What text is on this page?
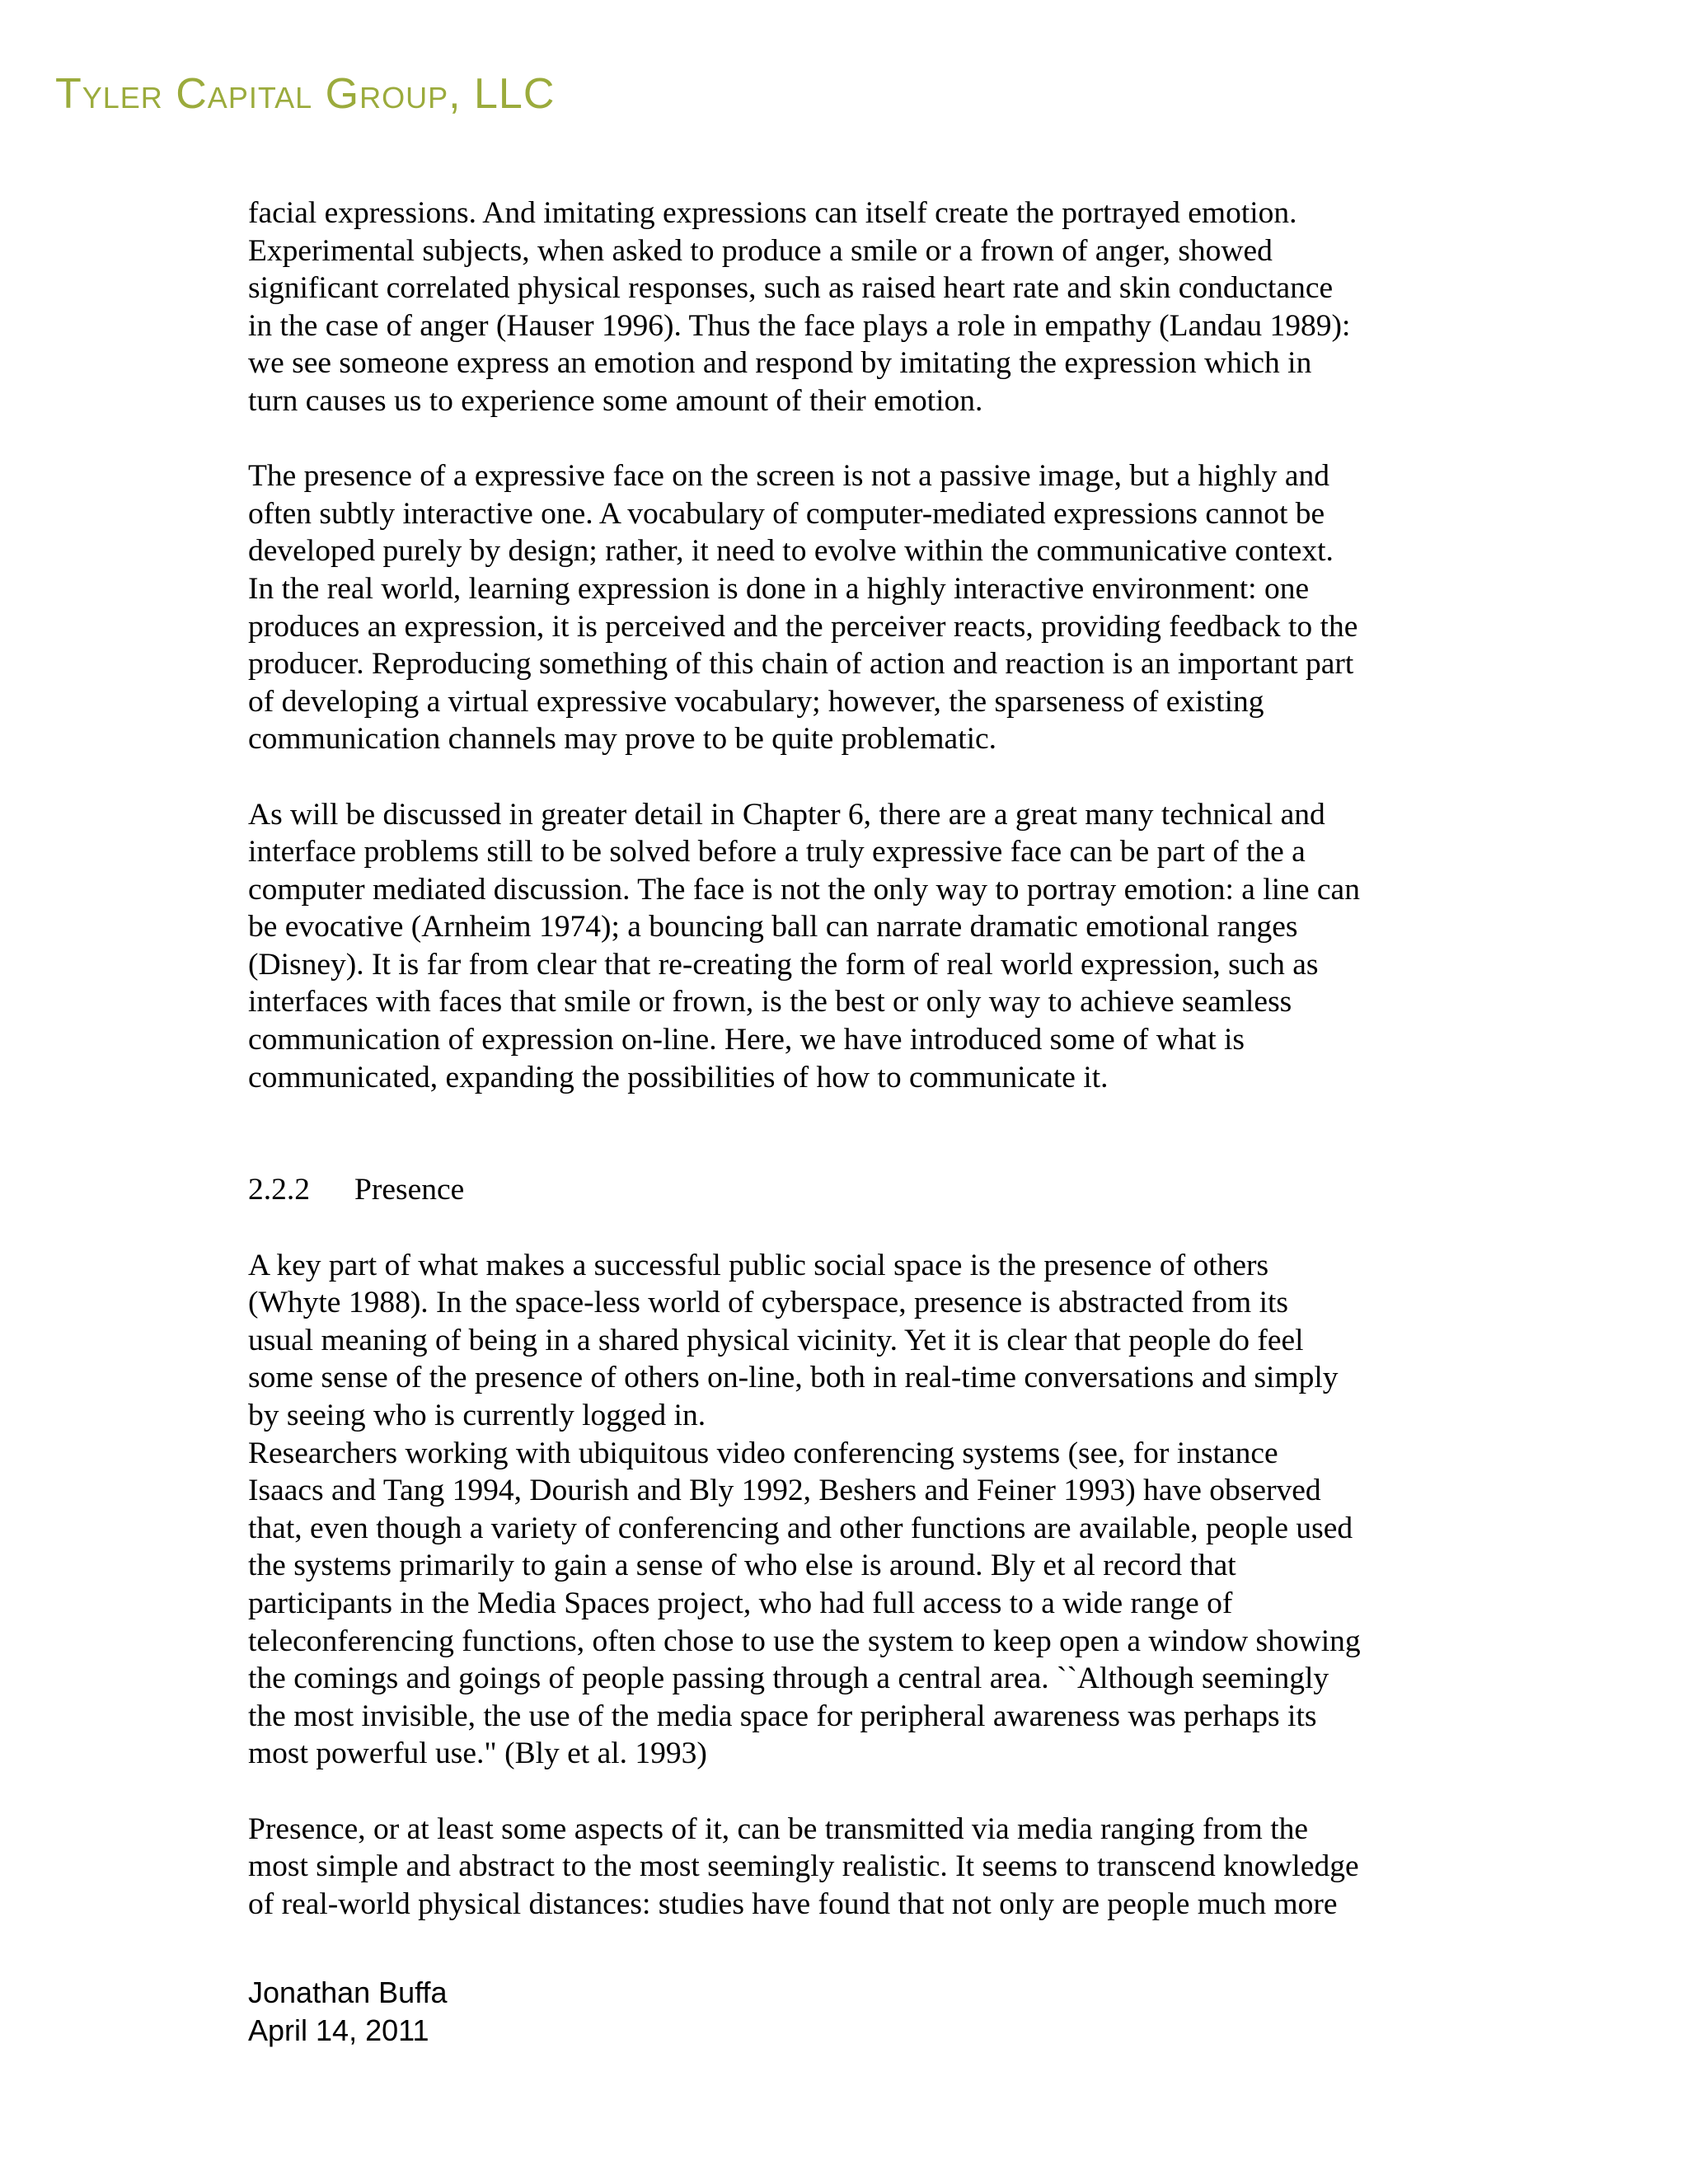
Tyler Capital Group, LLC
facial expressions. And imitating expressions can itself create the portrayed emotion.
Experimental subjects, when asked to produce a smile or a frown of anger, showed
significant correlated physical responses, such as raised heart rate and skin conductance
in the case of anger (Hauser 1996). Thus the face plays a role in empathy (Landau 1989):
we see someone express an emotion and respond by imitating the expression which in
turn causes us to experience some amount of their emotion.
The presence of a expressive face on the screen is not a passive image, but a highly and
often subtly interactive one. A vocabulary of computer-mediated expressions cannot be
developed purely by design; rather, it need to evolve within the communicative context.
In the real world, learning expression is done in a highly interactive environment: one
produces an expression, it is perceived and the perceiver reacts, providing feedback to the
producer. Reproducing something of this chain of action and reaction is an important part
of developing a virtual expressive vocabulary; however, the sparseness of existing
communication channels may prove to be quite problematic.
As will be discussed in greater detail in Chapter 6, there are a great many technical and
interface problems still to be solved before a truly expressive face can be part of the a
computer mediated discussion. The face is not the only way to portray emotion: a line can
be evocative (Arnheim 1974); a bouncing ball can narrate dramatic emotional ranges
(Disney). It is far from clear that re-creating the form of real world expression, such as
interfaces with faces that smile or frown, is the best or only way to achieve seamless
communication of expression on-line. Here, we have introduced some of what is
communicated, expanding the possibilities of how to communicate it.
2.2.2 Presence
A key part of what makes a successful public social space is the presence of others
(Whyte 1988). In the space-less world of cyberspace, presence is abstracted from its
usual meaning of being in a shared physical vicinity. Yet it is clear that people do feel
some sense of the presence of others on-line, both in real-time conversations and simply
by seeing who is currently logged in.
Researchers working with ubiquitous video conferencing systems (see, for instance
Isaacs and Tang 1994, Dourish and Bly 1992, Beshers and Feiner 1993) have observed
that, even though a variety of conferencing and other functions are available, people used
the systems primarily to gain a sense of who else is around. Bly et al record that
participants in the Media Spaces project, who had full access to a wide range of
teleconferencing functions, often chose to use the system to keep open a window showing
the comings and goings of people passing through a central area. ``Although seemingly
the most invisible, the use of the media space for peripheral awareness was perhaps its
most powerful use." (Bly et al. 1993)
Presence, or at least some aspects of it, can be transmitted via media ranging from the
most simple and abstract to the most seemingly realistic. It seems to transcend knowledge
of real-world physical distances: studies have found that not only are people much more
Jonathan Buffa
April 14, 2011
